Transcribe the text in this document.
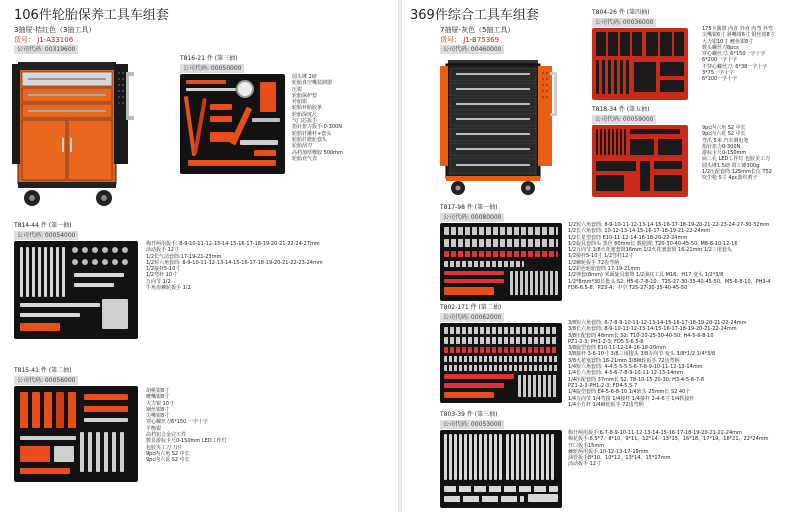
106件轮胎保养工具车组套
3抽屉-桔红色（3抽工具）
货号： J1-A33106
公司代码: 00319600
T816-21 件 (第三抽)
公司代码: 00050000
圆头锤 2磅
轮胎真空嘴装卸器
压钳
轮胎保护套
补胎钳
轮胎补胎胶条
轮胎深度尺
气门芯扳手
指针扭力扳手:0-300N
轮胎钎撬杆+套头
轮胎打磨轮套头
轮胎刮刀
高档加厚橡胶 500mm
轮胎充气表
T814-44 件 (第一抽)
公司代码: 00054000
梅开两用扳手: 8-9-10-11-12-13-14-15-16-17-18-19-20-21-22-24-27mm
活动扳手 12寸
1/2长气动套筒:17-19-21-23mm
1/2短六角套筒: 8-9-10-11-12-13-14-15-16-17-18-19-20-21-22-23-24mm
1/2接杆5-10寸
1/2弯杆 10寸
万向节 1/2
牛角齿棘轮扳手 1/2
T815-41 件 (第二抽)
公司代码: 00056000
胡桃钳8寸
鹰嘴钳8寸
大力钳 10寸
钢丝钳8寸
尖嘴钳8寸
穿心螺丝刀6*150 一字十字
平衡钳
高档铝合金完工件
数显游标卡尺0-150mm LED工作灯
包胶夹工刀 刀片
9pc内六角 S2 中长
9pc内六花 S2 中长
369件综合工具车组套
7抽屉-灰色（5抽工具）
货号： J1-B75369
公司代码: 00460000
T804-26 件 (第四抽)
公司代码: 00036000
175卡簧钳 内直 外直 内弯 外弯
尖嘴钳6寸 斜嘴钳6寸 钢丝钳8寸
大力钳10寸 鲤鱼钳8寸
数头螺丝刀8pcs
穿心螺丝刀: 6*150一字十字
6*200一字十字
不穿心螺丝刀: 6*38一字十字
3*75一字十字
6*100一字十字
T818-34 件 (第五抽)
公司代码: 00059000
9pc内六角 S2 中长
9pc内六花 S2 中长
弯爪 5米 汽车测电笔
指针扭力0-300N
游标卡尺0-150mm
扁三孔 LED工作灯 包胶美工刀
圆头锤1.5磅 钳工锤300g
1/2压配套筒 125mm长位 T52
吹尘枪 5寸 4pc凿织剪子
T817-98 件 (第一抽)
公司代码: 00080000
1/2短六角套筒: 8-9-10-11-12-13-14-15-16-17-18-19-20-21-22-23-24-27-30-32mm
1/2长六角套筒: 10-12-13-14-15-16-17-18-19-21-22-24mm
1/2长星型套筒 E10-11-12-14-16-18-20-22-24mm
1/2旋具套筒头 黑色 60mm长 数据规: T20-30-40-45-50; M6-8-10-12-16
1/2万向节 3/8火花塞套筒16mm 1/2火花塞套筒 16-21mm 1/2三用套头
1/2接杆5-10寸 1/2弯杆12寸
1/2棘轮扳手 72齿弯柄
1/2彩色轮胎套筒 17-19-21mm
1/2弹套(8mm) 米面旋具套筒 1/2油底工具 M16、H17 变头 1/2*3/8
1/2*8mm*30长批头 S2: H5-6-7-8-10、T25-27-30-35-40-45-50、M5-6-8-10、PH3-4
FD6-6.5-8；PZ3-4；中空 T25-27-30-35-40-45-50
T802-171 件 (第二抽)
公司代码: 00062000
3/8短六角套筒: 6-7-8-9-10-11-12-13-14-15-16-17-18-19-20-21-22-24mm
3/8长六角套筒: 8-9-10-11-12-13-14-15-16-17-18-19-20-21-22-24mm
3/8压配套筒 48mm长 S2: T10-20-25-30-40-50; H4-5-6-8-10
PZ1-2-3; PH1-2-3; FD5.5-6.5-8
3/8旋型套筒 E10-11-12-14-16-18-20mm
3/8接杆 3-6-10寸 3/8三用接头 3/8万向节 变头 3/8*1/2 1/4*3/8
3/8火花塞套筒 16-21mm 3/8棘轮扳手 72齿弯柄
1/4短六角套筒: 4-4.5-5-5.5-6-7-8-9-10-11-12-13-14mm
1/4长六角套筒: 4-5-6-7-8-9-10-11-12-13-14mm
1/4压配套筒 37mm长 S2: T8-10-15-20-30; H3-4-5-6-7-8
PZ1-2-3-PH1-2-3; FD4-5.5-7
1/4旋型套筒 E4-5-6-8-10 1/4软头 25mm长 S2 40个
1/4万向节 1/4弯接 1/4接杆 1/4接杆 2-4-6寸 1/4软接杆
1/4小方杆 1/4棘轮扳手 72齿弯柄
T803-39 件 (第三抽)
公司代码: 00053000
梅开两用扳手:6-7-8-9-10-11-12-13-14-15-16-17-18-19-20-21-22-24mm
梅花扳手:6.5*7、8*10、9*11、12*14、13*15、16*18、17*19、18*21、22*24mm
开口扳手15mm
棘轮两用扳手:10-12-13-17-19mm
油管扳手8*10、10*12、13*14、15*17mm
活动扳手 12寸
